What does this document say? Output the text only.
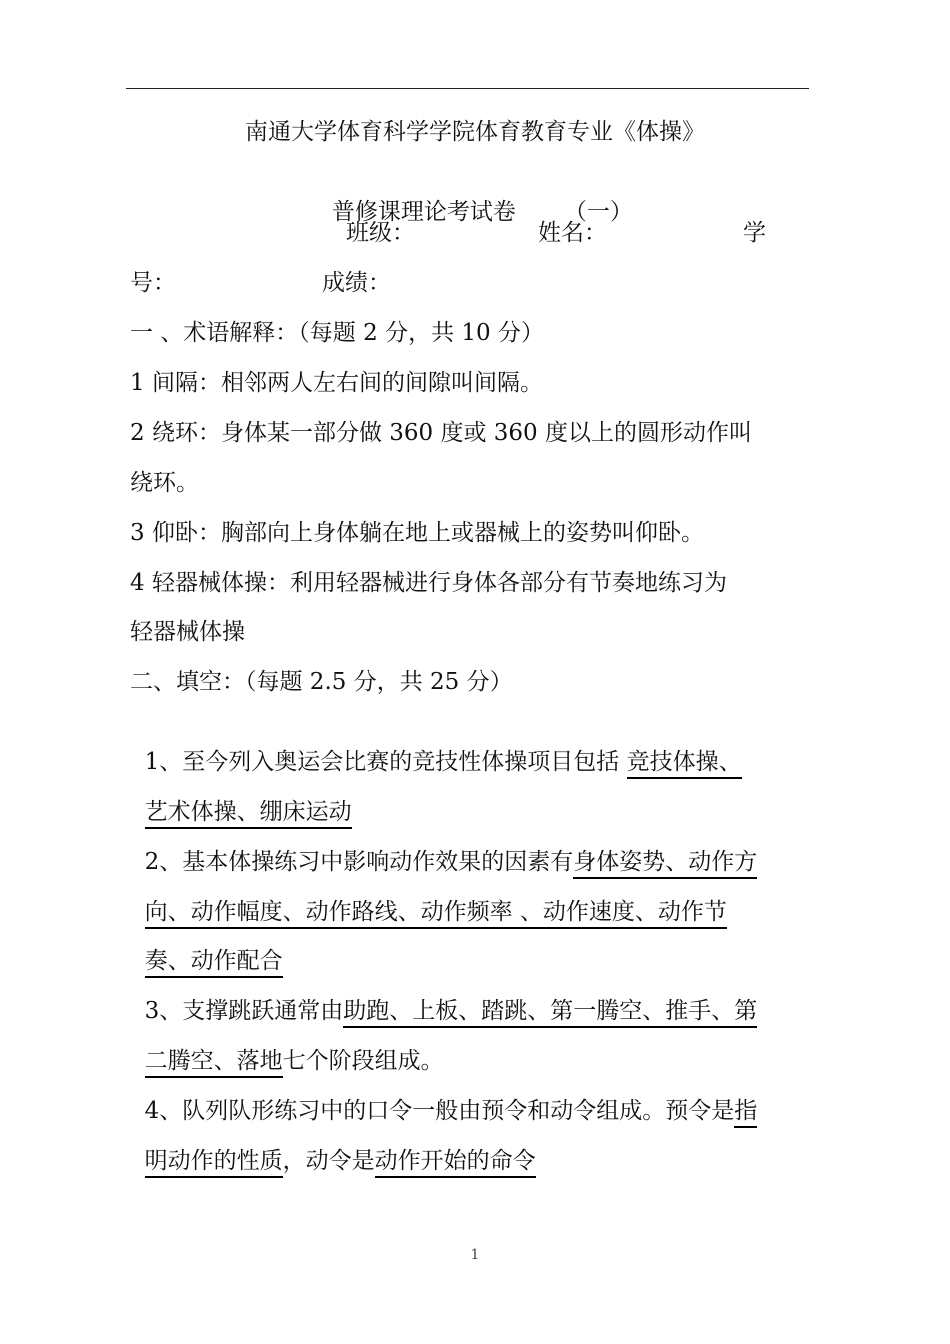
南通大学体育科学学院体育教育专业《体操》

普修课理论考试卷 （一）

班级：	姓名：	学
号：	成绩：
一 、术语解释：（每题 2 分，共 10 分）
1 间隔：相邻两人左右间的间隙叫间隔。
2 绕环：身体某一部分做 360 度或 360 度以上的圆形动作叫
绕环。
3 仰卧：胸部向上身体躺在地上或器械上的姿势叫仰卧。
4 轻器械体操：利用轻器械进行身体各部分有节奏地练习为
轻器械体操
二、填空：（每题 2.5 分，共 25 分）

1、至今列入奥运会比赛的竞技性体操项目包括 竞技体操、

艺术体操、绷床运动

2、基本体操练习中影响动作效果的因素有身体姿势、动作方

向、动作幅度、动作路线、动作频率 、动作速度、动作节

奏、动作配合

3、支撑跳跃通常由助跑、上板、踏跳、第一腾空、推手、第

二腾空、落地七个阶段组成。

4、队列队形练习中的口令一般由预令和动令组成。预令是指

明动作的性质，动令是动作开始的命令

1
